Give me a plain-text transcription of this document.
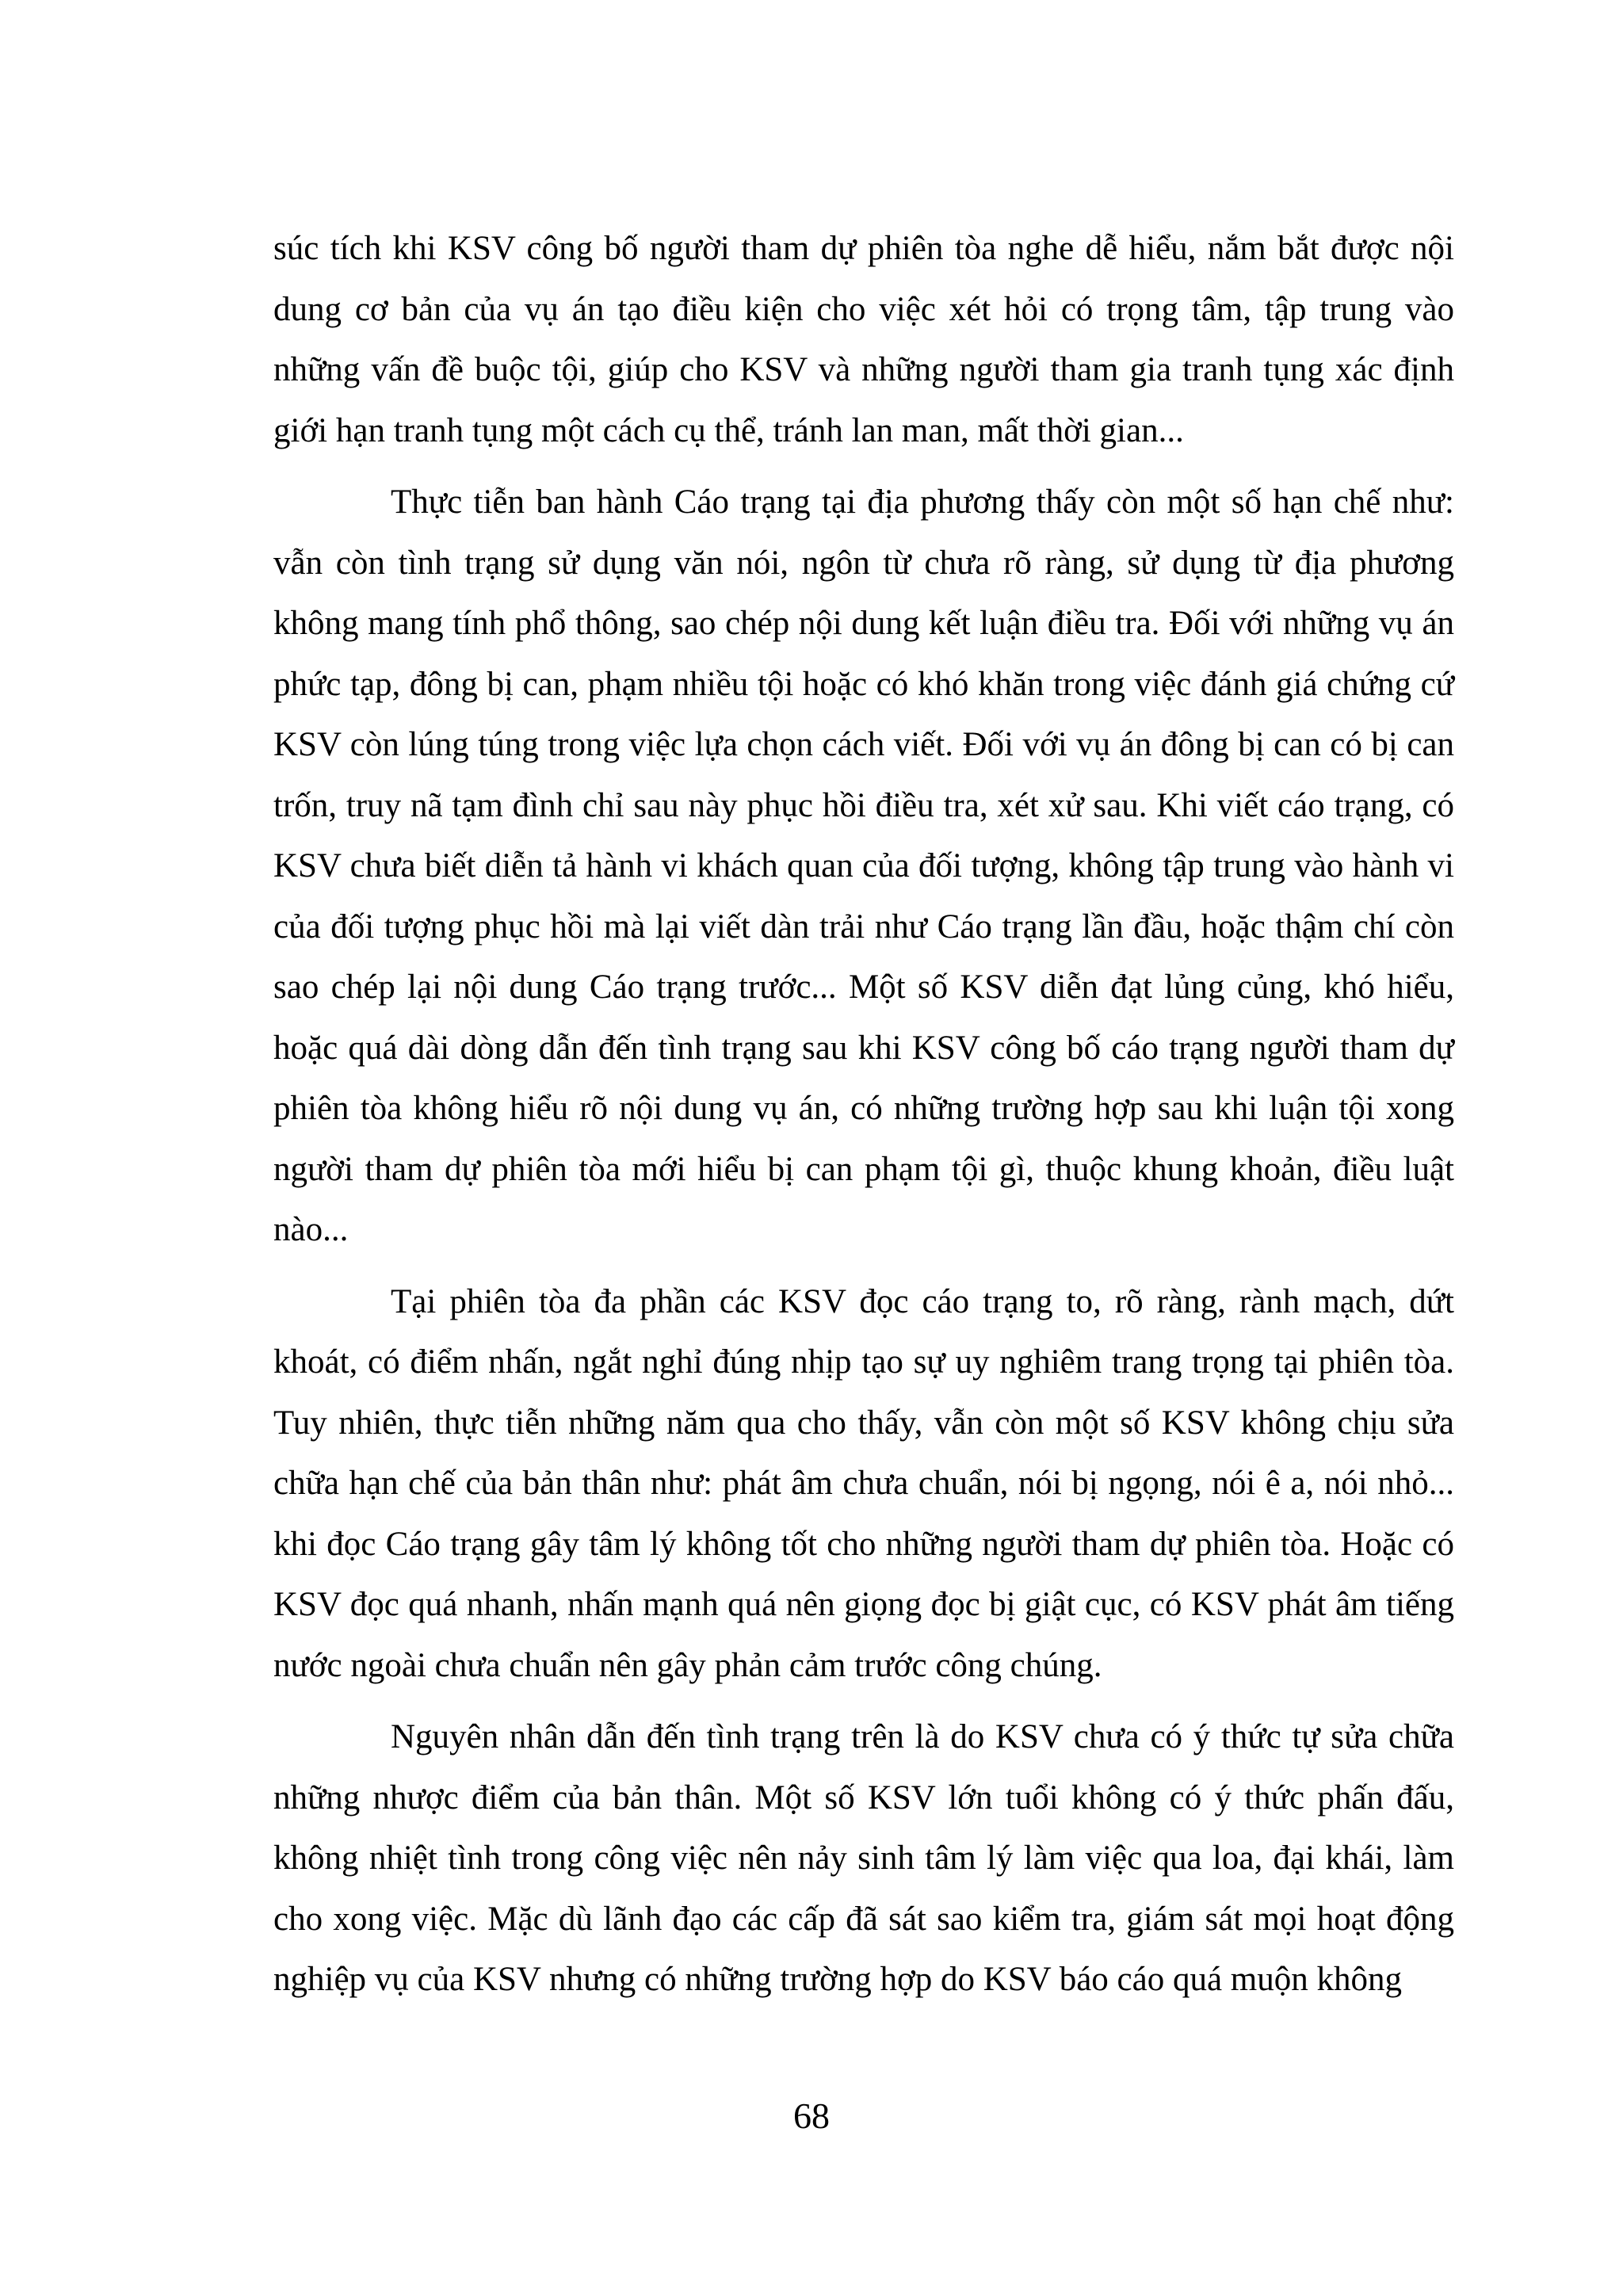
súc tích khi KSV công bố người tham dự phiên tòa nghe dễ hiểu, nắm bắt được nội dung cơ bản của vụ án tạo điều kiện cho việc xét hỏi có trọng tâm, tập trung vào những vấn đề buộc tội, giúp cho KSV và những người tham gia tranh tụng xác định giới hạn tranh tụng một cách cụ thể, tránh lan man, mất thời gian...

Thực tiễn ban hành Cáo trạng tại địa phương thấy còn một số hạn chế như: vẫn còn tình trạng sử dụng văn nói, ngôn từ chưa rõ ràng, sử dụng từ địa phương không mang tính phổ thông, sao chép nội dung kết luận điều tra. Đối với những vụ án phức tạp, đông bị can, phạm nhiều tội hoặc có khó khăn trong việc đánh giá chứng cứ KSV còn lúng túng trong việc lựa chọn cách viết. Đối với vụ án đông bị can có bị can trốn, truy nã tạm đình chỉ sau này phục hồi điều tra, xét xử sau. Khi viết cáo trạng, có KSV chưa biết diễn tả hành vi khách quan của đối tượng, không tập trung vào hành vi của đối tượng phục hồi mà lại viết dàn trải như Cáo trạng lần đầu, hoặc thậm chí còn sao chép lại nội dung Cáo trạng trước... Một số KSV diễn đạt lủng củng, khó hiểu, hoặc quá dài dòng dẫn đến tình trạng sau khi KSV công bố cáo trạng người tham dự phiên tòa không hiểu rõ nội dung vụ án, có những trường hợp sau khi luận tội xong người tham dự phiên tòa mới hiểu bị can phạm tội gì, thuộc khung khoản, điều luật nào...

Tại phiên tòa đa phần các KSV đọc cáo trạng to, rõ ràng, rành mạch, dứt khoát, có điểm nhấn, ngắt nghỉ đúng nhịp tạo sự uy nghiêm trang trọng tại phiên tòa. Tuy nhiên, thực tiễn những năm qua cho thấy, vẫn còn một số KSV không chịu sửa chữa hạn chế của bản thân như: phát âm chưa chuẩn, nói bị ngọng, nói ê a, nói nhỏ... khi đọc Cáo trạng gây tâm lý không tốt cho những người tham dự phiên tòa. Hoặc có KSV đọc quá nhanh, nhấn mạnh quá nên giọng đọc bị giật cục, có KSV phát âm tiếng nước ngoài chưa chuẩn nên gây phản cảm trước công chúng.

Nguyên nhân dẫn đến tình trạng trên là do KSV chưa có ý thức tự sửa chữa những nhược điểm của bản thân. Một số KSV lớn tuổi không có ý thức phấn đấu, không nhiệt tình trong công việc nên nảy sinh tâm lý làm việc qua loa, đại khái, làm cho xong việc. Mặc dù lãnh đạo các cấp đã sát sao kiểm tra, giám sát mọi hoạt động nghiệp vụ của KSV nhưng có những trường hợp do KSV báo cáo quá muộn không

68
